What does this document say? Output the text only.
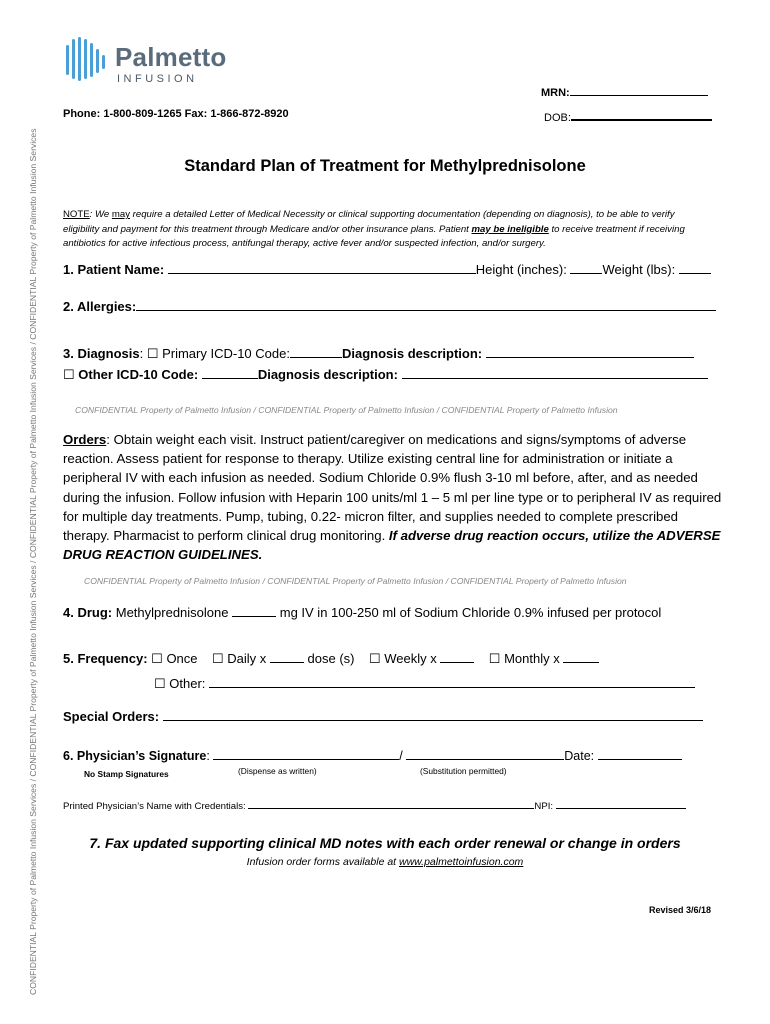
CONFIDENTIAL Property of Palmetto Infusion Services / CONFIDENTIAL Property of Palmetto Infusion Services / CONFIDENTIAL Property of Palmetto Infusion Services / CONFIDENTIAL Property of Palmetto Infusion Services
Palmetto
INFUSION
MRN:
Phone: 1-800-809-1265 Fax: 1-866-872-8920	DOB:
Standard Plan of Treatment for Methylprednisolone
NOTE: We may require a detailed Letter of Medical Necessity or clinical supporting documentation (depending on diagnosis), to be able to verify eligibility and payment for this treatment through Medicare and/or other insurance plans. Patient may be ineligible to receive treatment if receiving antibiotics for active infectious process, antifungal therapy, active fever and/or suspected infection, and/or surgery.
1. Patient Name:	Height (inches):	Weight (lbs):
2. Allergies:
3. Diagnosis: ☐ Primary ICD-10 Code:	Diagnosis description:
☐ Other ICD-10 Code:	Diagnosis description:
CONFIDENTIAL Property of Palmetto Infusion / CONFIDENTIAL Property of Palmetto Infusion / CONFIDENTIAL Property of Palmetto Infusion
Orders: Obtain weight each visit. Instruct patient/caregiver on medications and signs/symptoms of adverse reaction. Assess patient for response to therapy. Utilize existing central line for administration or initiate a peripheral IV with each infusion as needed. Sodium Chloride 0.9% flush 3-10 ml before, after, and as needed during the infusion. Follow infusion with Heparin 100 units/ml 1 – 5 ml per line type or to peripheral IV as required for multiple day treatments. Pump, tubing, 0.22- micron filter, and supplies needed to complete prescribed therapy. Pharmacist to perform clinical drug monitoring. If adverse drug reaction occurs, utilize the ADVERSE DRUG REACTION GUIDELINES.
CONFIDENTIAL Property of Palmetto Infusion / CONFIDENTIAL Property of Palmetto Infusion / CONFIDENTIAL Property of Palmetto Infusion
4. Drug: Methylprednisolone	mg IV in 100-250 ml of Sodium Chloride 0.9% infused per protocol
5. Frequency: ☐ Once ☐ Daily x	dose (s) ☐ Weekly x	☐ Monthly x
☐ Other:
Special Orders:
6. Physician’s Signature:	/	Date:
No Stamp Signatures	(Dispense as written)	(Substitution permitted)
Printed Physician’s Name with Credentials:	NPI:
7. Fax updated supporting clinical MD notes with each order renewal or change in orders
Infusion order forms available at www.palmettoinfusion.com
Revised 3/6/18
